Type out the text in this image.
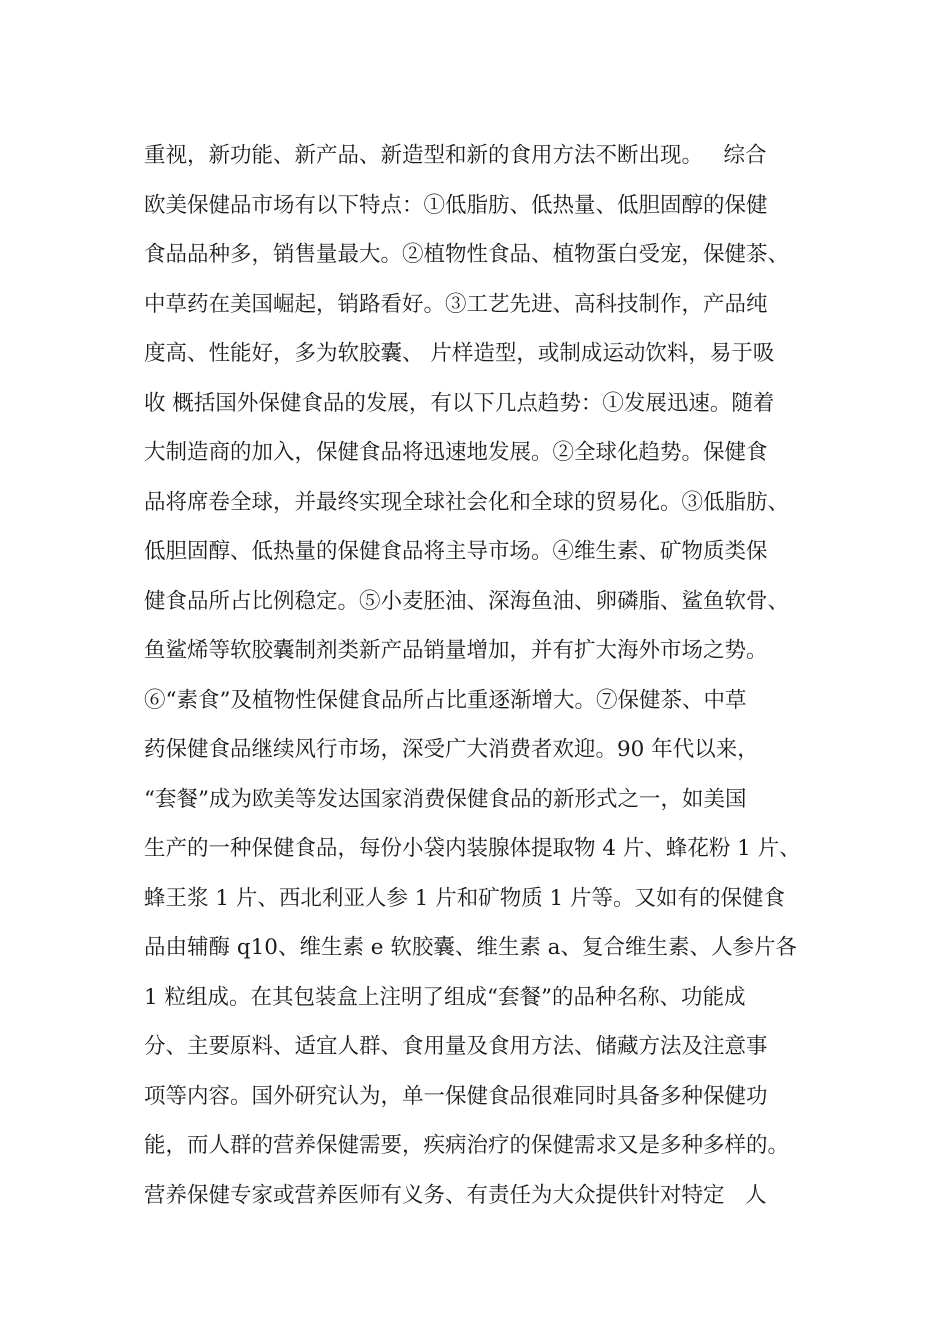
重视，新功能、新产品、新造型和新的食用方法不断出现。   综合
欧美保健品市场有以下特点：①低脂肪、低热量、低胆固醇的保健
食品品种多，销售量最大。②植物性食品、植物蛋白受宠，保健茶、
中草药在美国崛起，销路看好。③工艺先进、高科技制作，产品纯
度高、性能好，多为软胶囊、 片样造型，或制成运动饮料，易于吸
收 概括国外保健食品的发展，有以下几点趋势：①发展迅速。随着
大制造商的加入，保健食品将迅速地发展。②全球化趋势。保健食
品将席卷全球，并最终实现全球社会化和全球的贸易化。③低脂肪、
低胆固醇、低热量的保健食品将主导市场。④维生素、矿物质类保
健食品所占比例稳定。⑤小麦胚油、深海鱼油、卵磷脂、鲨鱼软骨、
鱼鲨烯等软胶囊制剂类新产品销量增加，并有扩大海外市场之势。
⑥“素食”及植物性保健食品所占比重逐渐增大。⑦保健茶、中草
药保健食品继续风行市场，深受广大消费者欢迎。90 年代以来，
“套餐”成为欧美等发达国家消费保健食品的新形式之一，如美国
生产的一种保健食品，每份小袋内装腺体提取物 4 片、蜂花粉 1 片、
蜂王浆 1 片、西北利亚人参 1 片和矿物质 1 片等。又如有的保健食
品由辅酶 q10、维生素 e 软胶囊、维生素 a、复合维生素、人参片各
1 粒组成。在其包装盒上注明了组成“套餐”的品种名称、功能成
分、主要原料、适宜人群、食用量及食用方法、储藏方法及注意事
项等内容。国外研究认为，单一保健食品很难同时具备多种保健功
能，而人群的营养保健需要，疾病治疗的保健需求又是多种多样的。
营养保健专家或营养医师有义务、有责任为大众提供针对特定   人
